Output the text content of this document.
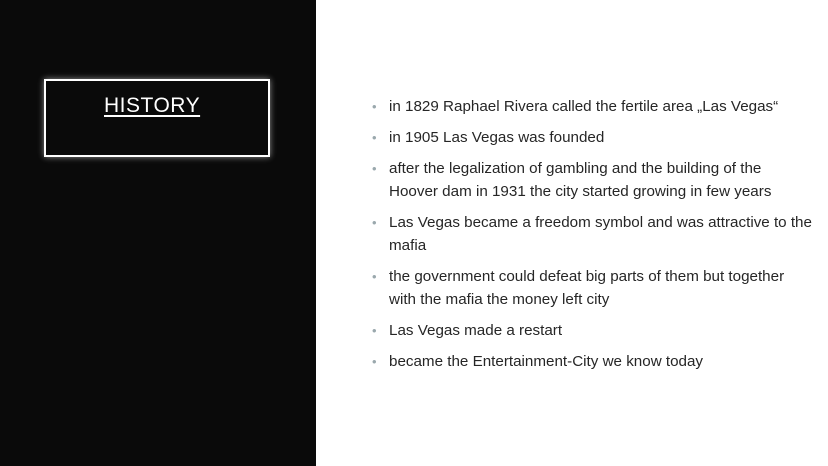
HISTORY	• in 1829 Raphael Rivera called the fertile area „Las Vegas“
• in 1905 Las Vegas was founded
• after the legalization of gambling and the building of the Hoover dam in 1931 the city started growing in few years
• Las Vegas became a freedom symbol and was attractive to the mafia
• the government could defeat big parts of them but together with the mafia the money left city
• Las Vegas made a restart
• became the Entertainment-City we know today
